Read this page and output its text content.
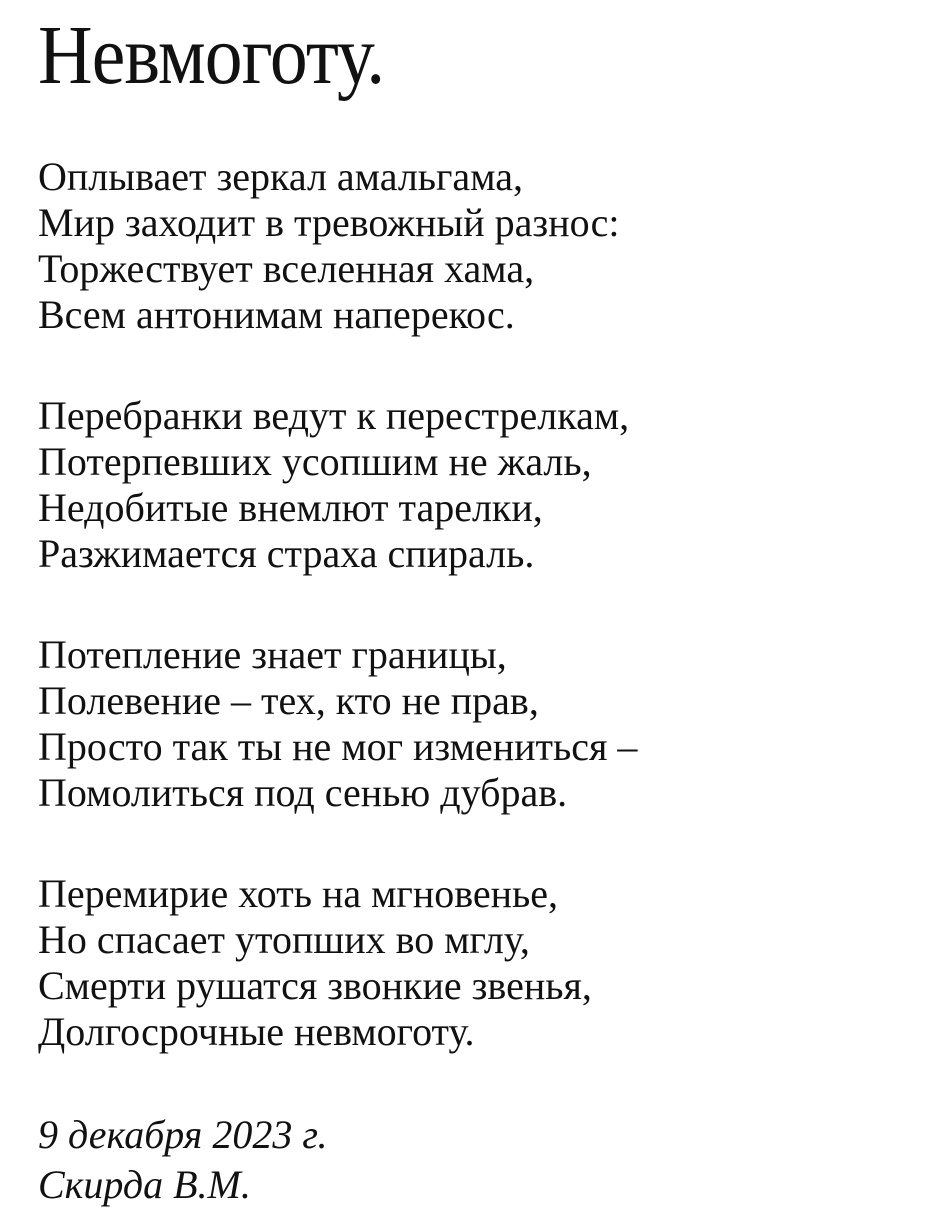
Невмоготу.
Оплывает зеркал амальгама,
Мир заходит в тревожный разнос:
Торжествует вселенная хама,
Всем антонимам наперекос.
Перебранки ведут к перестрелкам,
Потерпевших усопшим не жаль,
Недобитые внемлют тарелки,
Разжимается страха спираль.
Потепление знает границы,
Полевение – тех, кто не прав,
Просто так ты не мог измениться –
Помолиться под сенью дубрав.
Перемирие хоть на мгновенье,
Но спасает утопших во мглу,
Смерти рушатся звонкие звенья,
Долгосрочные невмоготу.
9 декабря 2023 г.
Скирда В.М.
